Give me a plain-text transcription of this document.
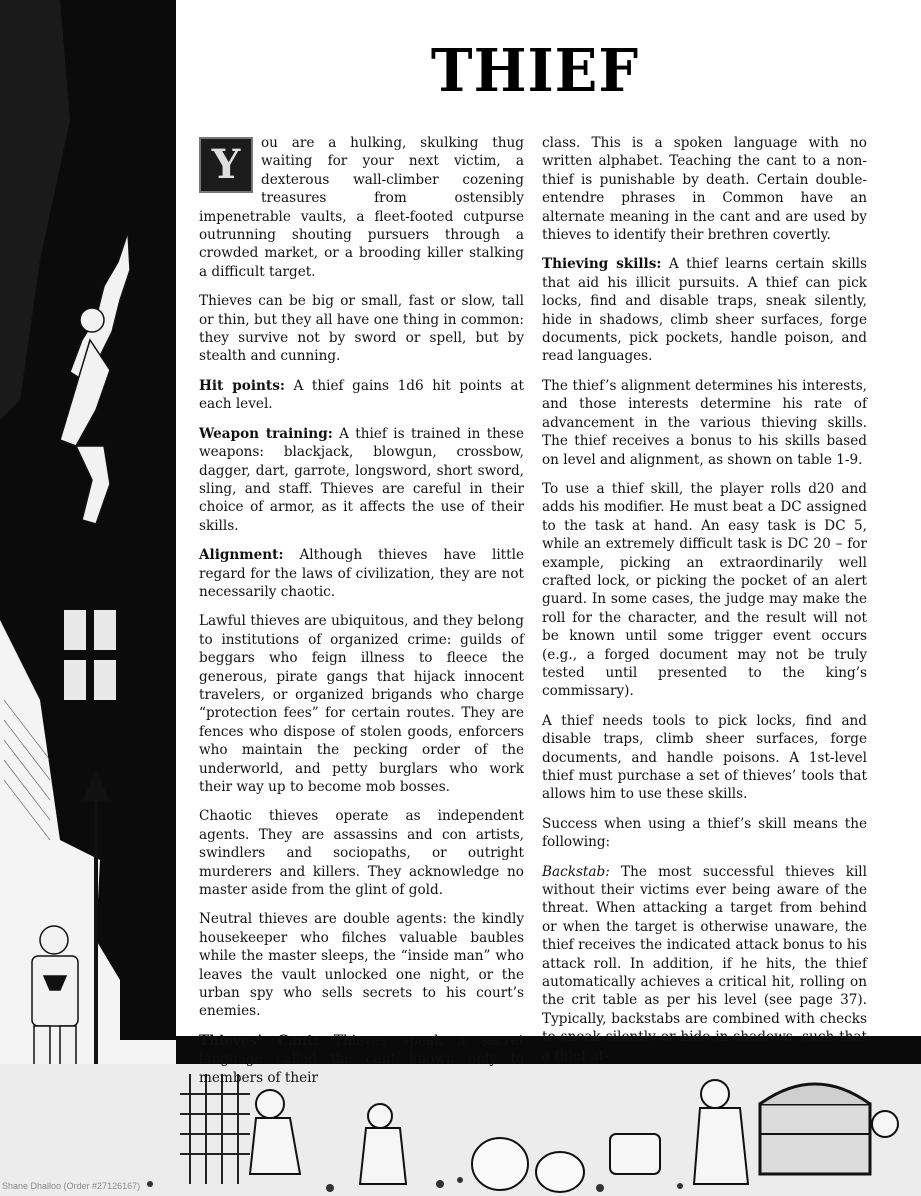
THIEF

Y	ou are a hulking, skulking thug waiting for your next victim, a dexterous wall-climber cozening treasures from ostensibly impenetrable vaults, a fleet-footed cutpurse outrunning shouting pursuers through a crowded market, or a brooding killer stalking a difficult target.

Thieves can be big or small, fast or slow, tall or thin, but they all have one thing in common: they survive not by sword or spell, but by stealth and cunning.

Hit points: A thief gains 1d6 hit points at each level.

Weapon training: A thief is trained in these weapons: blackjack, blowgun, crossbow, dagger, dart, garrote, longsword, short sword, sling, and staff. Thieves are careful in their choice of armor, as it affects the use of their skills.

Alignment: Although thieves have little regard for the laws of civilization, they are not necessarily chaotic.

Lawful thieves are ubiquitous, and they belong to institutions of organized crime: guilds of beggars who feign illness to fleece the generous, pirate gangs that hijack innocent travelers, or organized brigands who charge “protection fees” for certain routes. They are fences who dispose of stolen goods, enforcers who maintain the pecking order of the underworld, and petty burglars who work their way up to become mob bosses.

Chaotic thieves operate as independent agents. They are assassins and con artists, swindlers and sociopaths, or outright murderers and killers. They acknowledge no master aside from the glint of gold.

Neutral thieves are double agents: the kindly housekeeper who filches valuable baubles while the master sleeps, the “inside man” who leaves the vault unlocked one night, or the urban spy who sells secrets to his court’s enemies.

Thieves’ Cant: Thieves speak a secret language called the cant known only to members of their

class. This is a spoken language with no written alphabet. Teaching the cant to a non-thief is punishable by death. Certain double-entendre phrases in Common have an alternate meaning in the cant and are used by thieves to identify their brethren covertly.

Thieving skills: A thief learns certain skills that aid his illicit pursuits. A thief can pick locks, find and disable traps, sneak silently, hide in shadows, climb sheer surfaces, forge documents, pick pockets, handle poison, and read languages.

The thief’s alignment determines his interests, and those interests determine his rate of advancement in the various thieving skills. The thief receives a bonus to his skills based on level and alignment, as shown on table 1-9.

To use a thief skill, the player rolls d20 and adds his modifier. He must beat a DC assigned to the task at hand. An easy task is DC 5, while an extremely difficult task is DC 20 – for example, picking an extraordinarily well crafted lock, or picking the pocket of an alert guard. In some cases, the judge may make the roll for the character, and the result will not be known until some trigger event occurs (e.g., a forged document may not be truly tested until presented to the king’s commissary).

A thief needs tools to pick locks, find and disable traps, climb sheer surfaces, forge documents, and handle poisons. A 1st-level thief must purchase a set of thieves’ tools that allows him to use these skills.

Success when using a thief’s skill means the following:

Backstab: The most successful thieves kill without their victims ever being aware of the threat. When attacking a target from behind or when the target is otherwise unaware, the thief receives the indicated attack bonus to his attack roll. In addition, if he hits, the thief automatically achieves a critical hit, rolling on the crit table as per his level (see page 37). Typically, backstabs are combined with checks to sneak silently or hide in shadows, such that a thief at-

Shane Dhalloo (Order #27126167)
